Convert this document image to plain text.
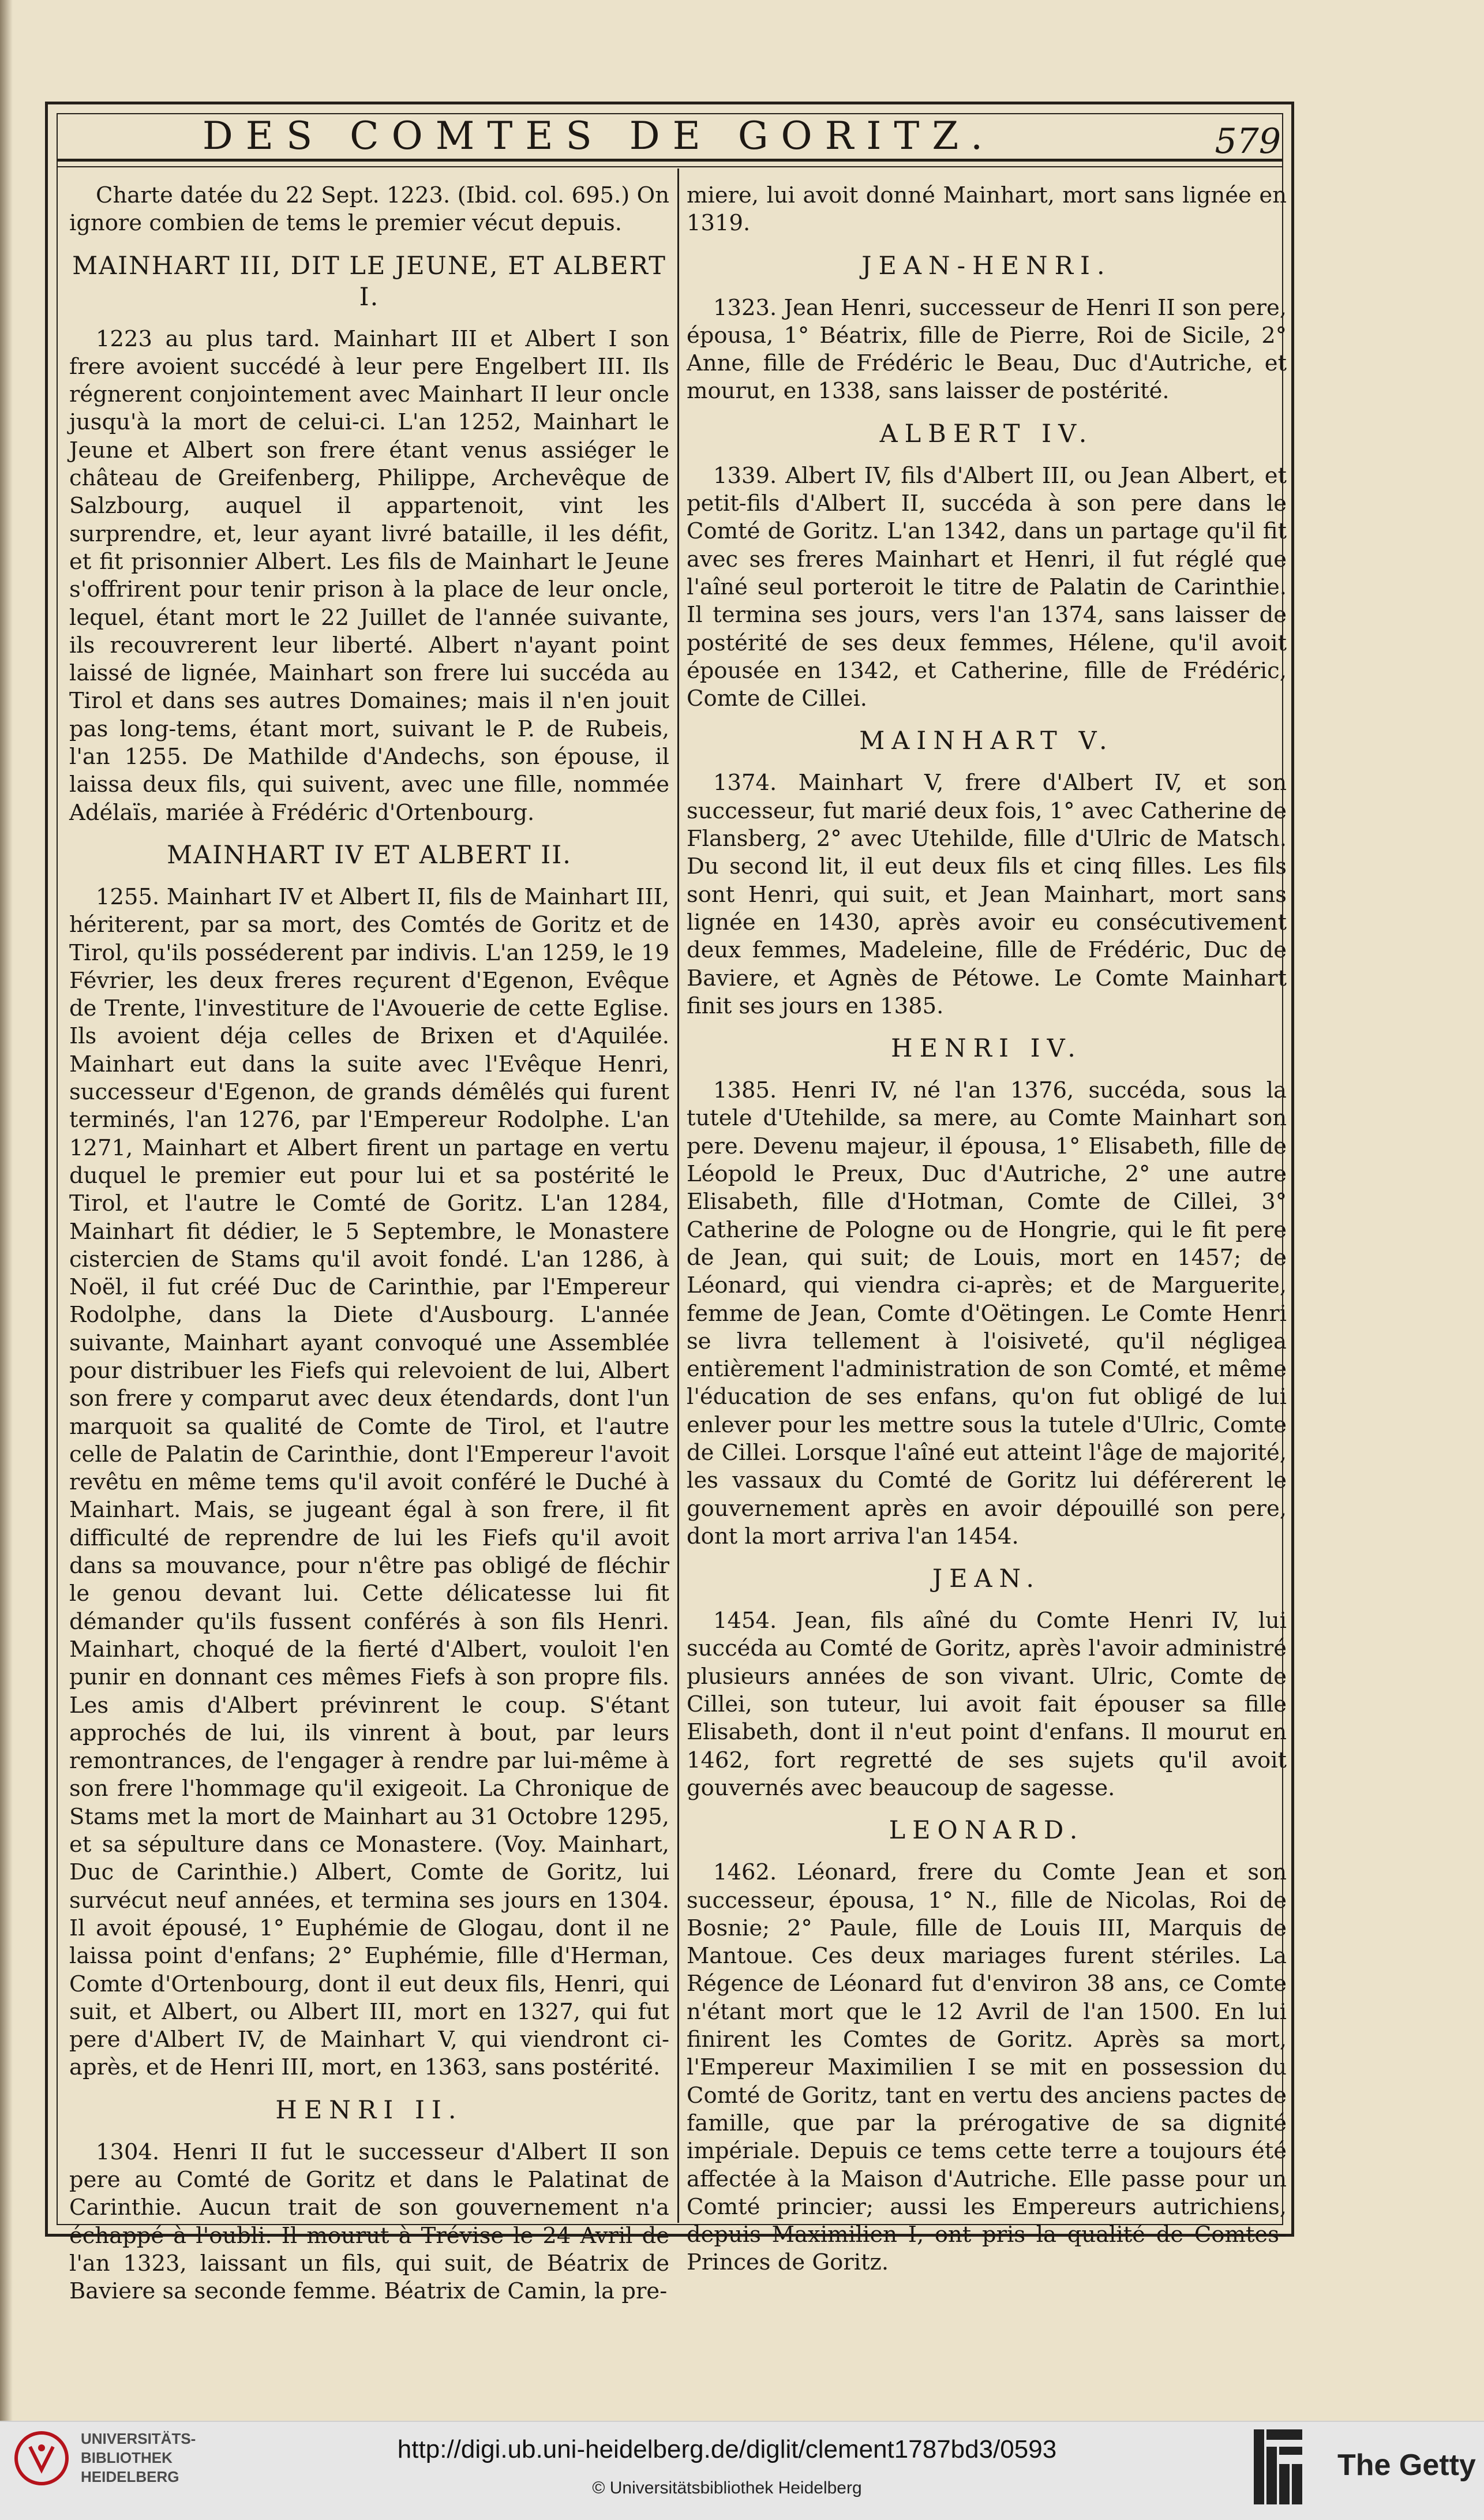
DES COMTES DE GORITZ.	579

Charte datée du 22 Sept. 1223. (Ibid. col. 695.) On ignore combien de tems le premier vécut depuis.

MAINHART III, DIT LE JEUNE, ET ALBERT I.

1223 au plus tard. Mainhart III et Albert I son frere avoient succédé à leur pere Engelbert III. Ils régnerent conjointement avec Mainhart II leur oncle jusqu'à la mort de celui-ci. L'an 1252, Mainhart le Jeune et Albert son frere étant venus assiéger le château de Greifenberg, Philippe, Archevêque de Salzbourg, auquel il appartenoit, vint les surprendre, et, leur ayant livré bataille, il les défit, et fit prisonnier Albert. Les fils de Mainhart le Jeune s'offrirent pour tenir prison à la place de leur oncle, lequel, étant mort le 22 Juillet de l'année suivante, ils recouvrerent leur liberté. Albert n'ayant point laissé de lignée, Mainhart son frere lui succéda au Tirol et dans ses autres Domaines; mais il n'en jouit pas long-tems, étant mort, suivant le P. de Rubeis, l'an 1255. De Mathilde d'Andechs, son épouse, il laissa deux fils, qui suivent, avec une fille, nommée Adélaïs, mariée à Frédéric d'Ortenbourg.

MAINHART IV ET ALBERT II.

1255. Mainhart IV et Albert II, fils de Mainhart III, hériterent, par sa mort, des Comtés de Goritz et de Tirol, qu'ils posséderent par indivis. L'an 1259, le 19 Février, les deux freres reçurent d'Egenon, Evêque de Trente, l'investiture de l'Avouerie de cette Eglise. Ils avoient déja celles de Brixen et d'Aquilée. Mainhart eut dans la suite avec l'Evêque Henri, successeur d'Egenon, de grands démêlés qui furent terminés, l'an 1276, par l'Empereur Rodolphe. L'an 1271, Mainhart et Albert firent un partage en vertu duquel le premier eut pour lui et sa postérité le Tirol, et l'autre le Comté de Goritz. L'an 1284, Mainhart fit dédier, le 5 Septembre, le Monastere cistercien de Stams qu'il avoit fondé. L'an 1286, à Noël, il fut créé Duc de Carinthie, par l'Empereur Rodolphe, dans la Diete d'Ausbourg. L'année suivante, Mainhart ayant convoqué une Assemblée pour distribuer les Fiefs qui relevoient de lui, Albert son frere y comparut avec deux étendards, dont l'un marquoit sa qualité de Comte de Tirol, et l'autre celle de Palatin de Carinthie, dont l'Empereur l'avoit revêtu en même tems qu'il avoit conféré le Duché à Mainhart. Mais, se jugeant égal à son frere, il fit difficulté de reprendre de lui les Fiefs qu'il avoit dans sa mouvance, pour n'être pas obligé de fléchir le genou devant lui. Cette délicatesse lui fit démander qu'ils fussent conférés à son fils Henri. Mainhart, choqué de la fierté d'Albert, vouloit l'en punir en donnant ces mêmes Fiefs à son propre fils. Les amis d'Albert prévinrent le coup. S'étant approchés de lui, ils vinrent à bout, par leurs remontrances, de l'engager à rendre par lui-même à son frere l'hommage qu'il exigeoit. La Chronique de Stams met la mort de Mainhart au 31 Octobre 1295, et sa sépulture dans ce Monastere. (Voy. Mainhart, Duc de Carinthie.) Albert, Comte de Goritz, lui survécut neuf années, et termina ses jours en 1304. Il avoit épousé, 1° Euphémie de Glogau, dont il ne laissa point d'enfans; 2° Euphémie, fille d'Herman, Comte d'Ortenbourg, dont il eut deux fils, Henri, qui suit, et Albert, ou Albert III, mort en 1327, qui fut pere d'Albert IV, de Mainhart V, qui viendront ci-après, et de Henri III, mort, en 1363, sans postérité.

HENRI II.

1304. Henri II fut le successeur d'Albert II son pere au Comté de Goritz et dans le Palatinat de Carinthie. Aucun trait de son gouvernement n'a échappé à l'oubli. Il mourut à Trévise le 24 Avril de l'an 1323, laissant un fils, qui suit, de Béatrix de Baviere sa seconde femme. Béatrix de Camin, la pre-

miere, lui avoit donné Mainhart, mort sans lignée en 1319.

JEAN-HENRI.

1323. Jean Henri, successeur de Henri II son pere, épousa, 1° Béatrix, fille de Pierre, Roi de Sicile, 2° Anne, fille de Frédéric le Beau, Duc d'Autriche, et mourut, en 1338, sans laisser de postérité.

ALBERT IV.

1339. Albert IV, fils d'Albert III, ou Jean Albert, et petit-fils d'Albert II, succéda à son pere dans le Comté de Goritz. L'an 1342, dans un partage qu'il fit avec ses freres Mainhart et Henri, il fut réglé que l'aîné seul porteroit le titre de Palatin de Carinthie. Il termina ses jours, vers l'an 1374, sans laisser de postérité de ses deux femmes, Hélene, qu'il avoit épousée en 1342, et Catherine, fille de Frédéric, Comte de Cillei.

MAINHART V.

1374. Mainhart V, frere d'Albert IV, et son successeur, fut marié deux fois, 1° avec Catherine de Flansberg, 2° avec Utehilde, fille d'Ulric de Matsch. Du second lit, il eut deux fils et cinq filles. Les fils sont Henri, qui suit, et Jean Mainhart, mort sans lignée en 1430, après avoir eu consécutivement deux femmes, Madeleine, fille de Frédéric, Duc de Baviere, et Agnès de Pétowe. Le Comte Mainhart finit ses jours en 1385.

HENRI IV.

1385. Henri IV, né l'an 1376, succéda, sous la tutele d'Utehilde, sa mere, au Comte Mainhart son pere. Devenu majeur, il épousa, 1° Elisabeth, fille de Léopold le Preux, Duc d'Autriche, 2° une autre Elisabeth, fille d'Hotman, Comte de Cillei, 3° Catherine de Pologne ou de Hongrie, qui le fit pere de Jean, qui suit; de Louis, mort en 1457; de Léonard, qui viendra ci-après; et de Marguerite, femme de Jean, Comte d'Oëtingen. Le Comte Henri se livra tellement à l'oisiveté, qu'il négligea entièrement l'administration de son Comté, et même l'éducation de ses enfans, qu'on fut obligé de lui enlever pour les mettre sous la tutele d'Ulric, Comte de Cillei. Lorsque l'aîné eut atteint l'âge de majorité, les vassaux du Comté de Goritz lui déférerent le gouvernement après en avoir dépouillé son pere, dont la mort arriva l'an 1454.

JEAN.

1454. Jean, fils aîné du Comte Henri IV, lui succéda au Comté de Goritz, après l'avoir administré plusieurs années de son vivant. Ulric, Comte de Cillei, son tuteur, lui avoit fait épouser sa fille Elisabeth, dont il n'eut point d'enfans. Il mourut en 1462, fort regretté de ses sujets qu'il avoit gouvernés avec beaucoup de sagesse.

LEONARD.

1462. Léonard, frere du Comte Jean et son successeur, épousa, 1° N., fille de Nicolas, Roi de Bosnie; 2° Paule, fille de Louis III, Marquis de Mantoue. Ces deux mariages furent stériles. La Régence de Léonard fut d'environ 38 ans, ce Comte n'étant mort que le 12 Avril de l'an 1500. En lui finirent les Comtes de Goritz. Après sa mort, l'Empereur Maximilien I se mit en possession du Comté de Goritz, tant en vertu des anciens pactes de famille, que par la prérogative de sa dignité impériale. Depuis ce tems cette terre a toujours été affectée à la Maison d'Autriche. Elle passe pour un Comté princier; aussi les Empereurs autrichiens, depuis Maximilien I, ont pris la qualité de Comtes-Princes de Goritz.

UNIVERSITÄTS-
BIBLIOTHEK
HEIDELBERG
http://digi.ub.uni-heidelberg.de/diglit/clement1787bd3/0593
© Universitätsbibliothek Heidelberg
The Getty
